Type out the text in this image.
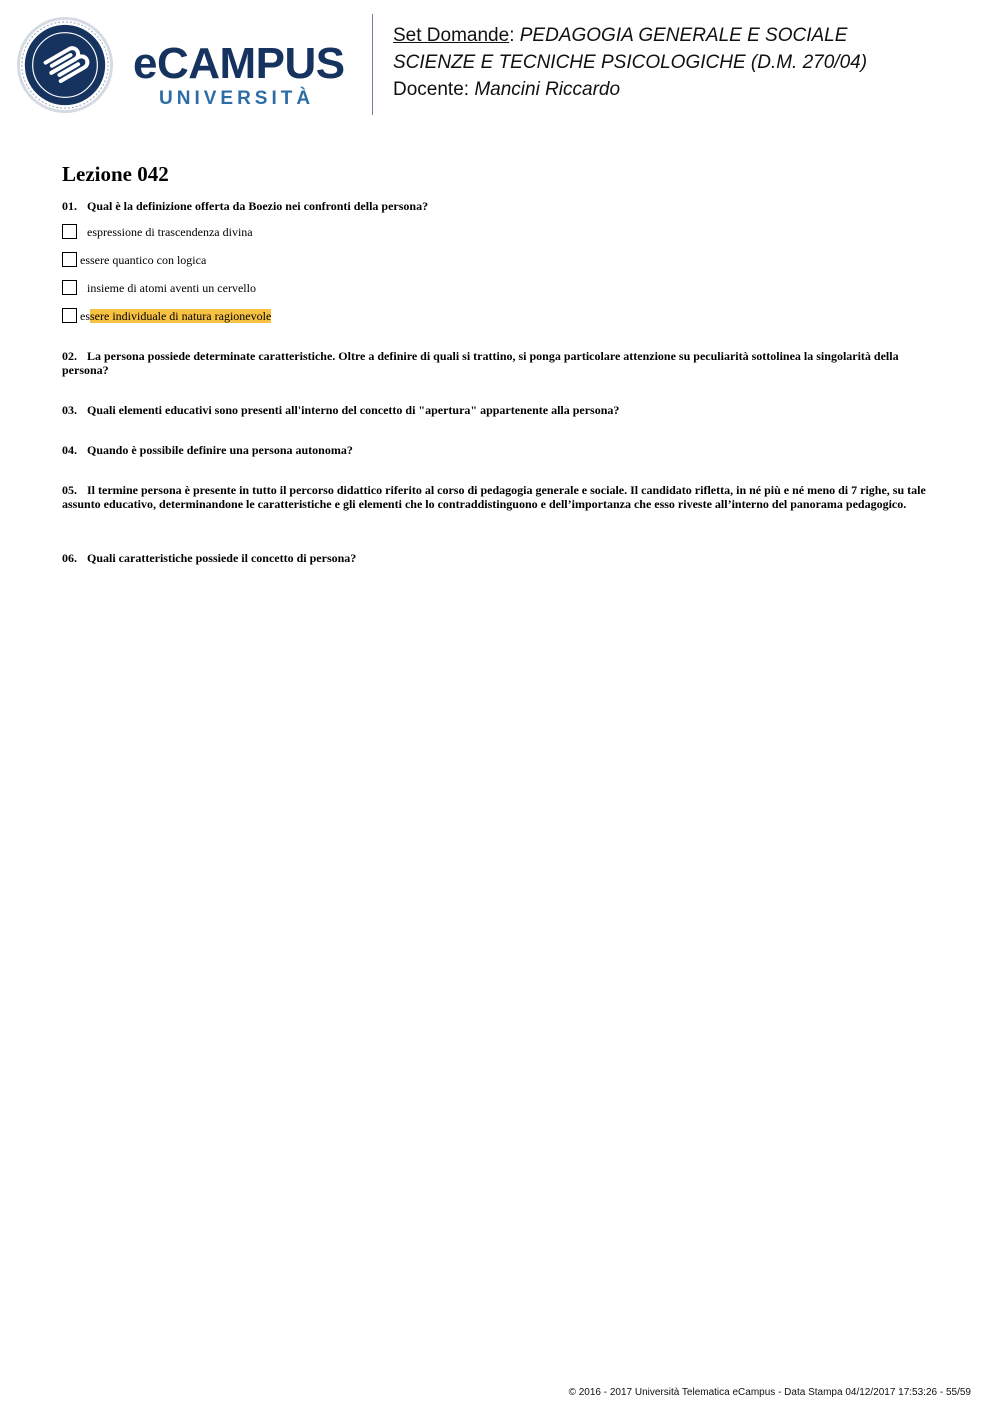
eCAMPUS
UNIVERSITÀ
Set Domande: PEDAGOGIA GENERALE E SOCIALE
SCIENZE E TECNICHE PSICOLOGICHE (D.M. 270/04)
Docente: Mancini Riccardo
Lezione 042
01. Qual è la definizione offerta da Boezio nei confronti della persona?
espressione di trascendenza divina
essere quantico con logica
insieme di atomi aventi un cervello
essere individuale di natura ragionevole
02. La persona possiede determinate caratteristiche. Oltre a definire di quali si trattino, si ponga particolare attenzione su peculiarità sottolinea la singolarità della persona?
03. Quali elementi educativi sono presenti all'interno del concetto di "apertura" appartenente alla persona?
04. Quando è possibile definire una persona autonoma?
05. Il termine persona è presente in tutto il percorso didattico riferito al corso di pedagogia generale e sociale. Il candidato rifletta, in né più e né meno di 7 righe, su tale assunto educativo, determinandone le caratteristiche e gli elementi che lo contraddistinguono e dell’importanza che esso riveste all’interno del panorama pedagogico.
06. Quali caratteristiche possiede il concetto di persona?
© 2016 - 2017 Università Telematica eCampus - Data Stampa 04/12/2017 17:53:26 - 55/59
